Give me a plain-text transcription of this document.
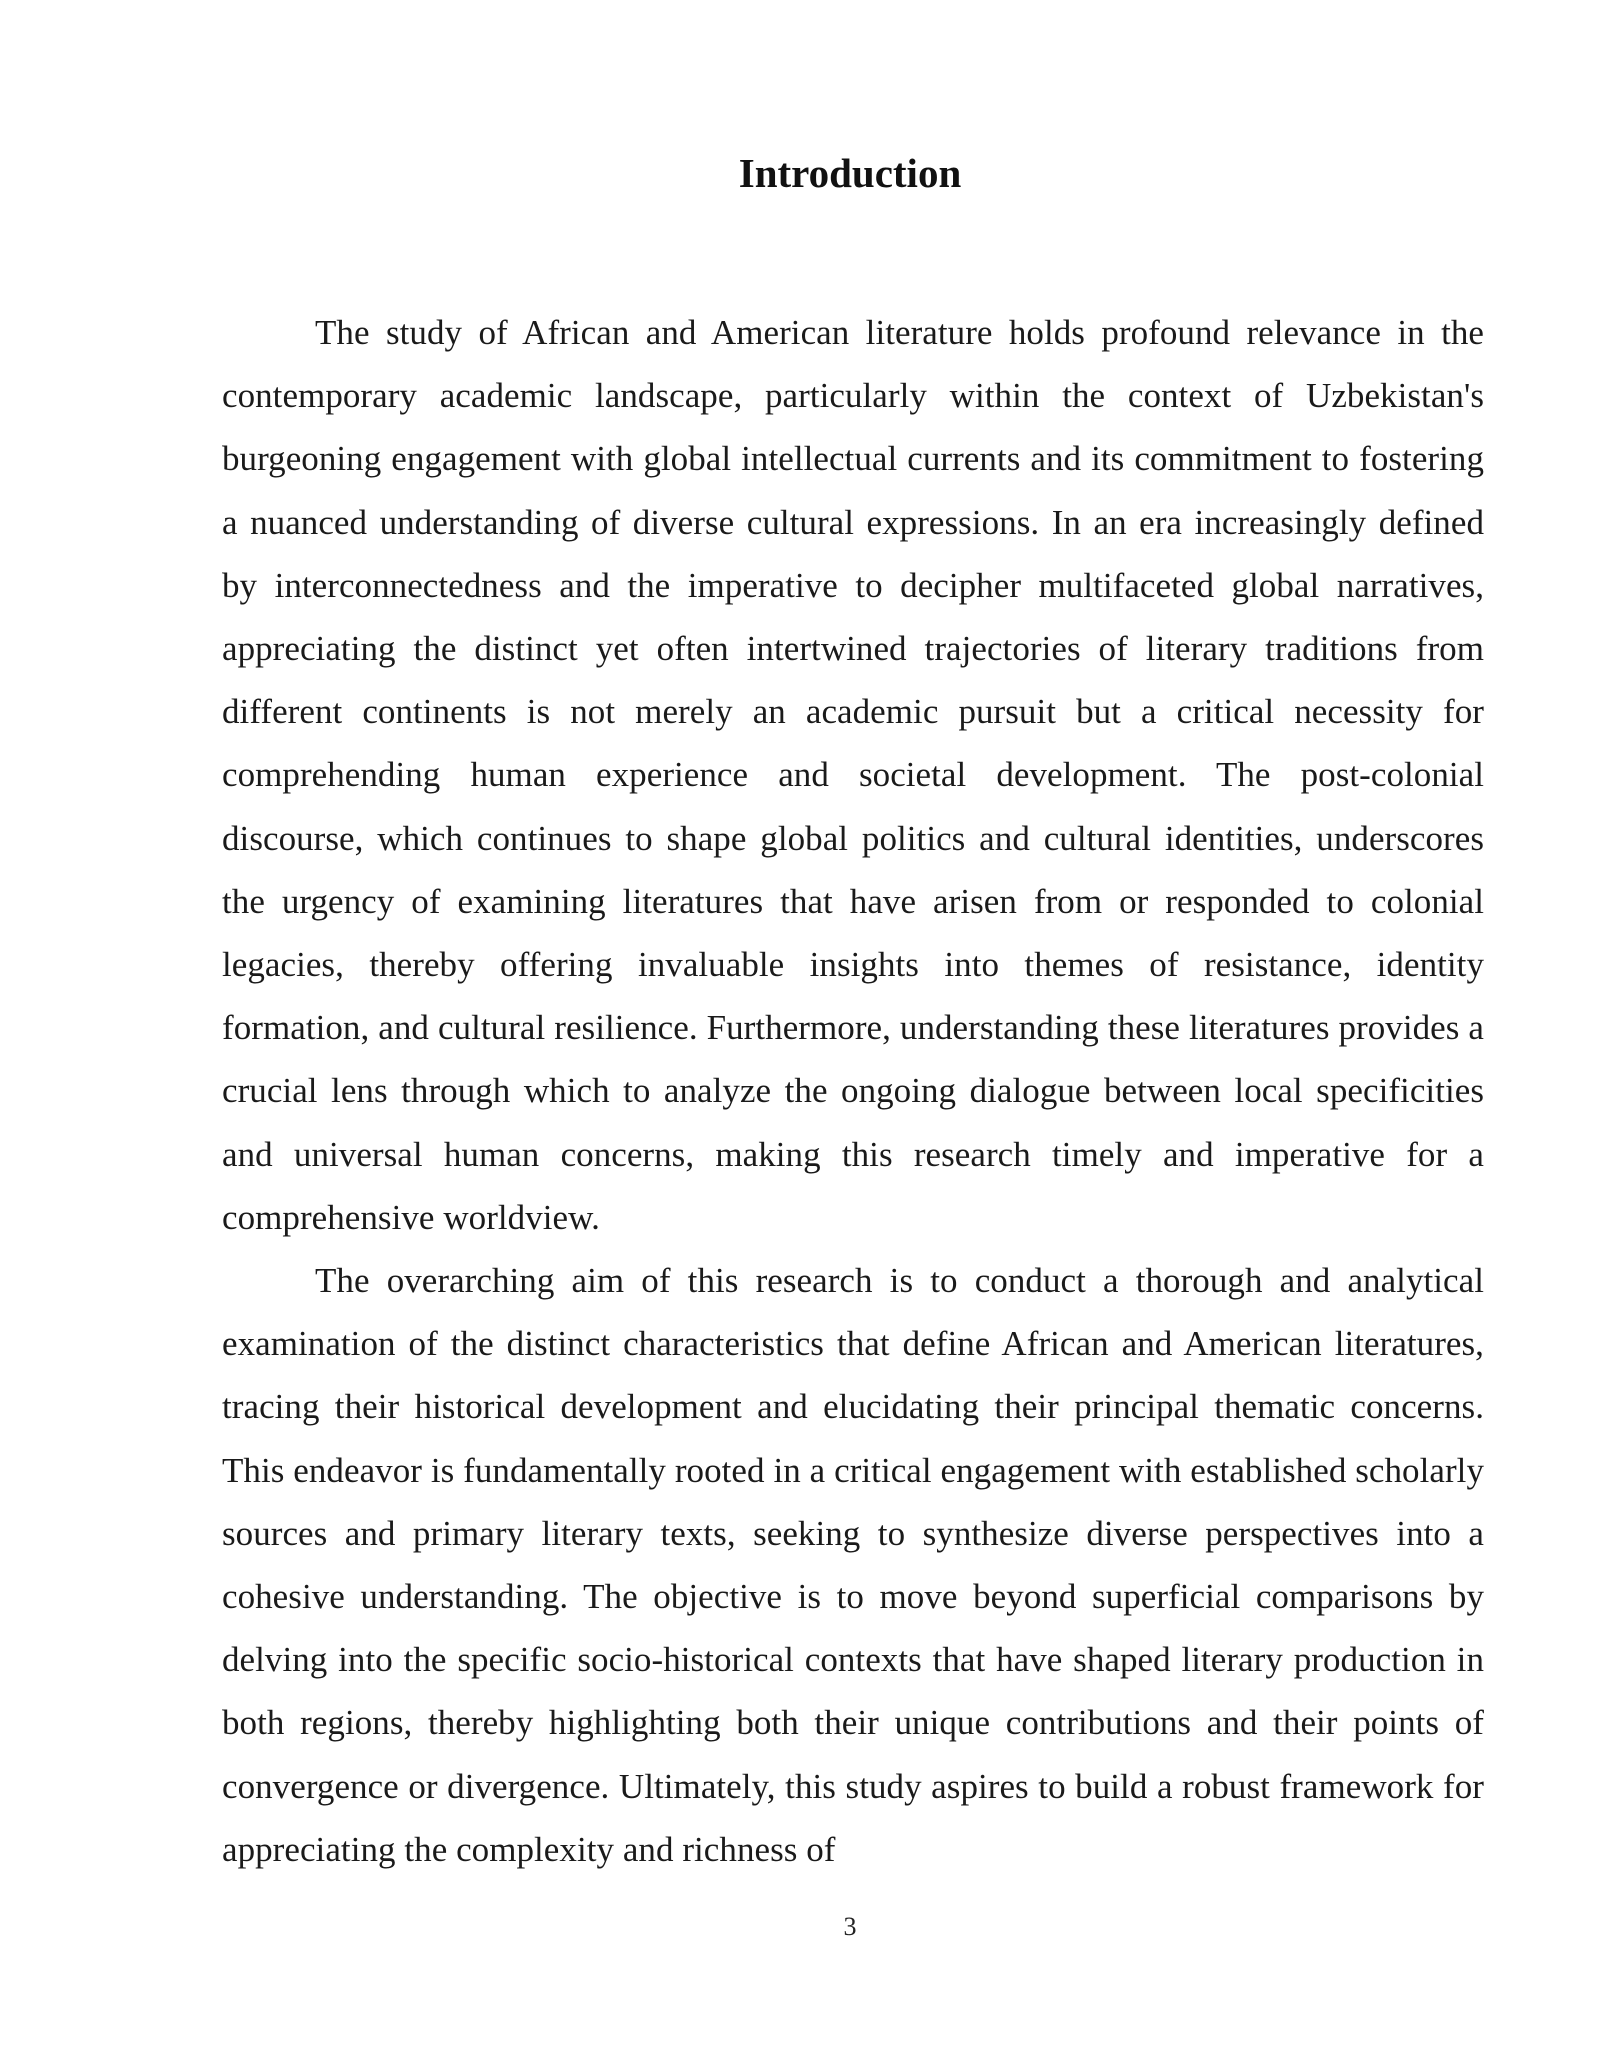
Introduction

The study of African and American literature holds profound relevance in the contemporary academic landscape, particularly within the context of Uzbekistan's burgeoning engagement with global intellectual currents and its commitment to fostering a nuanced understanding of diverse cultural expressions. In an era increasingly defined by interconnectedness and the imperative to decipher multifaceted global narratives, appreciating the distinct yet often intertwined trajectories of literary traditions from different continents is not merely an academic pursuit but a critical necessity for comprehending human experience and societal development. The post-colonial discourse, which continues to shape global politics and cultural identities, underscores the urgency of examining literatures that have arisen from or responded to colonial legacies, thereby offering invaluable insights into themes of resistance, identity formation, and cultural resilience. Furthermore, understanding these literatures provides a crucial lens through which to analyze the ongoing dialogue between local specificities and universal human concerns, making this research timely and imperative for a comprehensive worldview.

The overarching aim of this research is to conduct a thorough and analytical examination of the distinct characteristics that define African and American literatures, tracing their historical development and elucidating their principal thematic concerns. This endeavor is fundamentally rooted in a critical engagement with established scholarly sources and primary literary texts, seeking to synthesize diverse perspectives into a cohesive understanding. The objective is to move beyond superficial comparisons by delving into the specific socio-historical contexts that have shaped literary production in both regions, thereby highlighting both their unique contributions and their points of convergence or divergence. Ultimately, this study aspires to build a robust framework for appreciating the complexity and richness of

3
